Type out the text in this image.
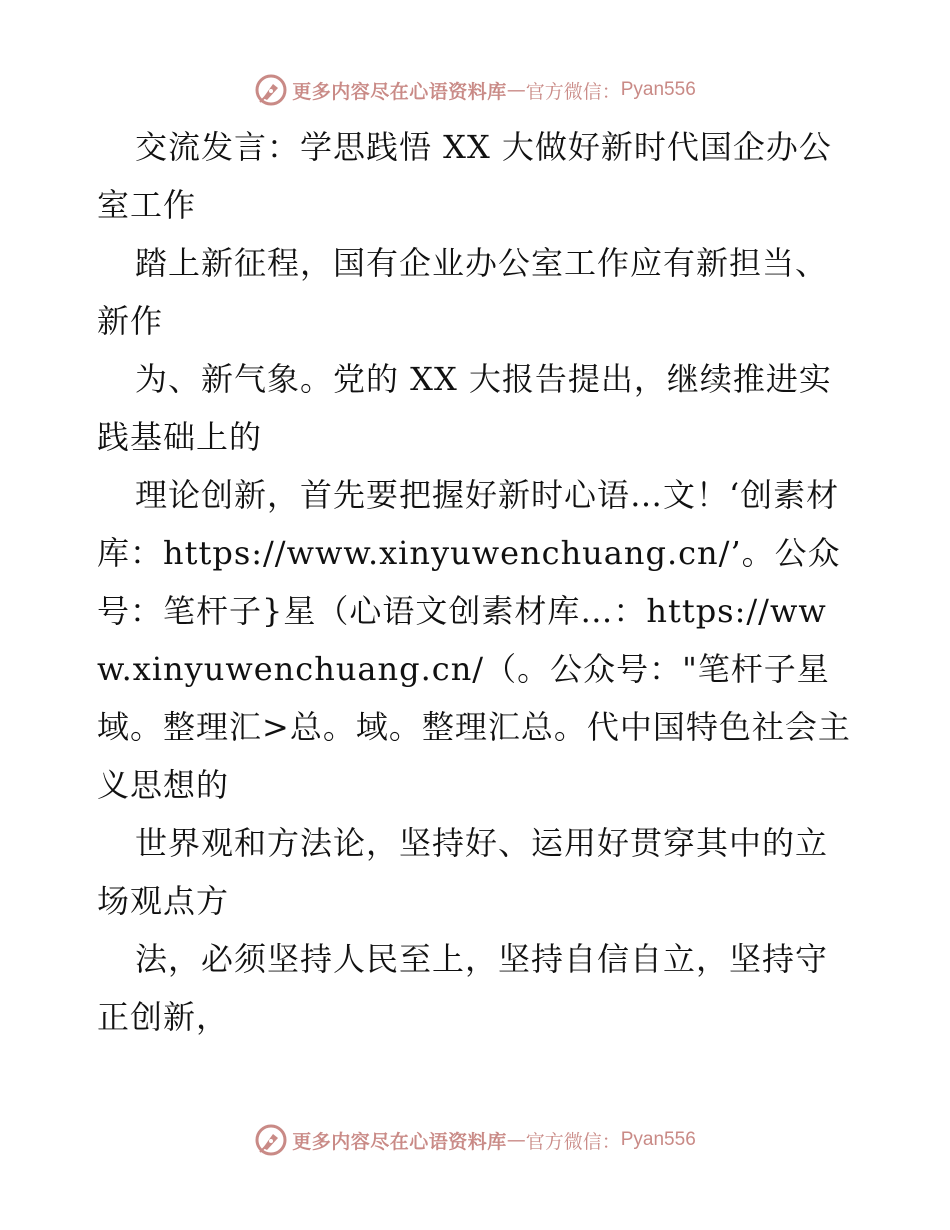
更多内容尽在心语资料库 — 官方微信： Pyan556

交流发言：学思践悟 XX 大做好新时代国企办公室工作

踏上新征程，国有企业办公室工作应有新担当、新作

为、新气象。党的 XX 大报告提出，继续推进实践基础上的

理论创新，首先要把握好新时心语…文！‘创素材库：https://www.xinyuwenchuang.cn/’。公众号：笔杆子}星（心语文创素材库…：https://www.xinyuwenchuang.cn/（。公众号："笔杆子星域。整理汇>总。域。整理汇总。代中国特色社会主义思想的

世界观和方法论，坚持好、运用好贯穿其中的立场观点方

法，必须坚持人民至上，坚持自信自立，坚持守正创新，

更多内容尽在心语资料库 — 官方微信： Pyan556
